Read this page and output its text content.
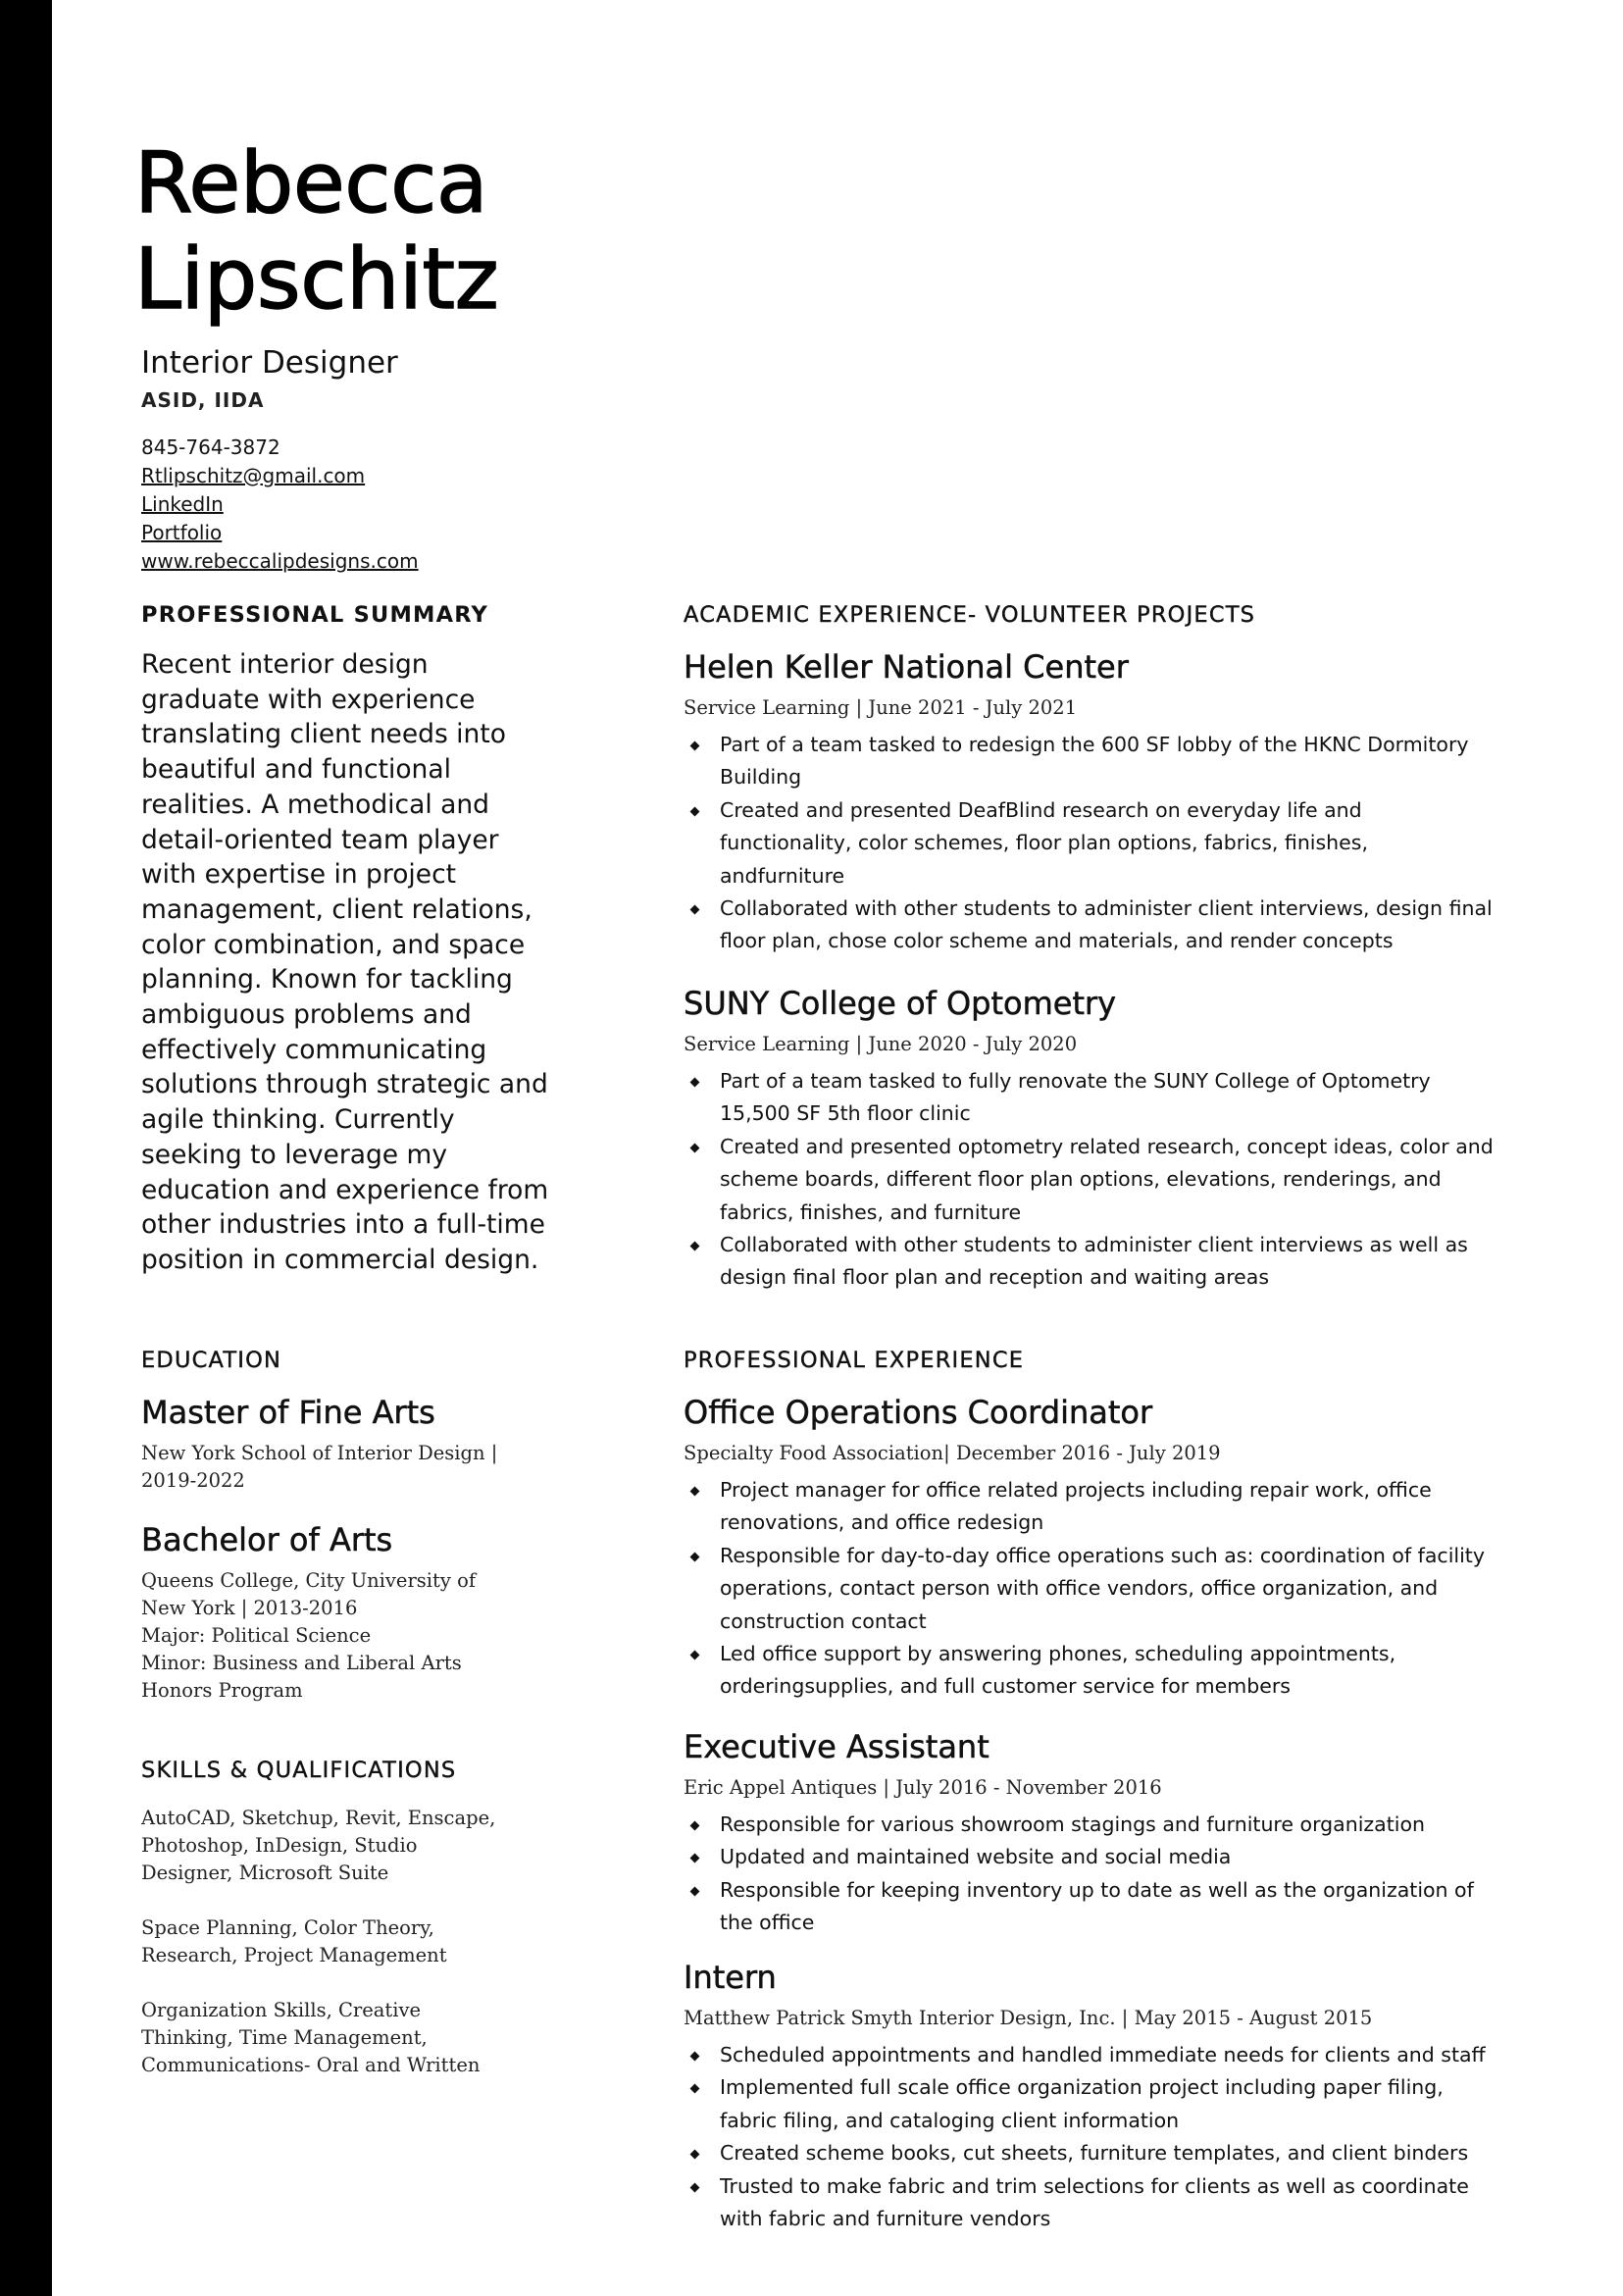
Rebecca
Lipschitz
Interior Designer
ASID, IIDA
845-764-3872
Rtlipschitz@gmail.com
LinkedIn
Portfolio
www.rebeccalipdesigns.com
PROFESSIONAL SUMMARY
Recent interior design graduate with experience translating client needs into beautiful and functional realities. A methodical and detail-oriented team player with expertise in project management, client relations, color combination, and space planning. Known for tackling ambiguous problems and effectively communicating solutions through strategic and agile thinking. Currently seeking to leverage my education and experience from other industries into a full-time position in commercial design.
EDUCATION
Master of Fine Arts
New York School of Interior Design |
2019-2022
Bachelor of Arts
Queens College, City University of
New York | 2013-2016
Major: Political Science
Minor: Business and Liberal Arts
Honors Program
SKILLS & QUALIFICATIONS
AutoCAD, Sketchup, Revit, Enscape,
Photoshop, InDesign, Studio
Designer, Microsoft Suite
Space Planning, Color Theory,
Research, Project Management
Organization Skills, Creative
Thinking, Time Management,
Communications- Oral and Written
ACADEMIC EXPERIENCE- VOLUNTEER PROJECTS
Helen Keller National Center
Service Learning | June 2021 - July 2021
Part of a team tasked to redesign the 600 SF lobby of the HKNC Dormitory Building
Created and presented DeafBlind research on everyday life and functionality, color schemes, floor plan options, fabrics, finishes, andfurniture
Collaborated with other students to administer client interviews, design final floor plan, chose color scheme and materials, and render concepts
SUNY College of Optometry
Service Learning | June 2020 - July 2020
Part of a team tasked to fully renovate the SUNY College of Optometry 15,500 SF 5th floor clinic
Created and presented optometry related research, concept ideas, color and scheme boards, different floor plan options, elevations, renderings, and fabrics, finishes, and furniture
Collaborated with other students to administer client interviews as well as design final floor plan and reception and waiting areas
PROFESSIONAL EXPERIENCE
Office Operations Coordinator
Specialty Food Association| December 2016 - July 2019
Project manager for office related projects including repair work, office renovations, and office redesign
Responsible for day-to-day office operations such as: coordination of facility operations, contact person with office vendors, office organization, and construction contact
Led office support by answering phones, scheduling appointments, orderingsupplies, and full customer service for members
Executive Assistant
Eric Appel Antiques | July 2016 - November 2016
Responsible for various showroom stagings and furniture organization
Updated and maintained website and social media
Responsible for keeping inventory up to date as well as the organization of the office
Intern
Matthew Patrick Smyth Interior Design, Inc. | May 2015 - August 2015
Scheduled appointments and handled immediate needs for clients and staff
Implemented full scale office organization project including paper filing, fabric filing, and cataloging client information
Created scheme books, cut sheets, furniture templates, and client binders
Trusted to make fabric and trim selections for clients as well as coordinate with fabric and furniture vendors
